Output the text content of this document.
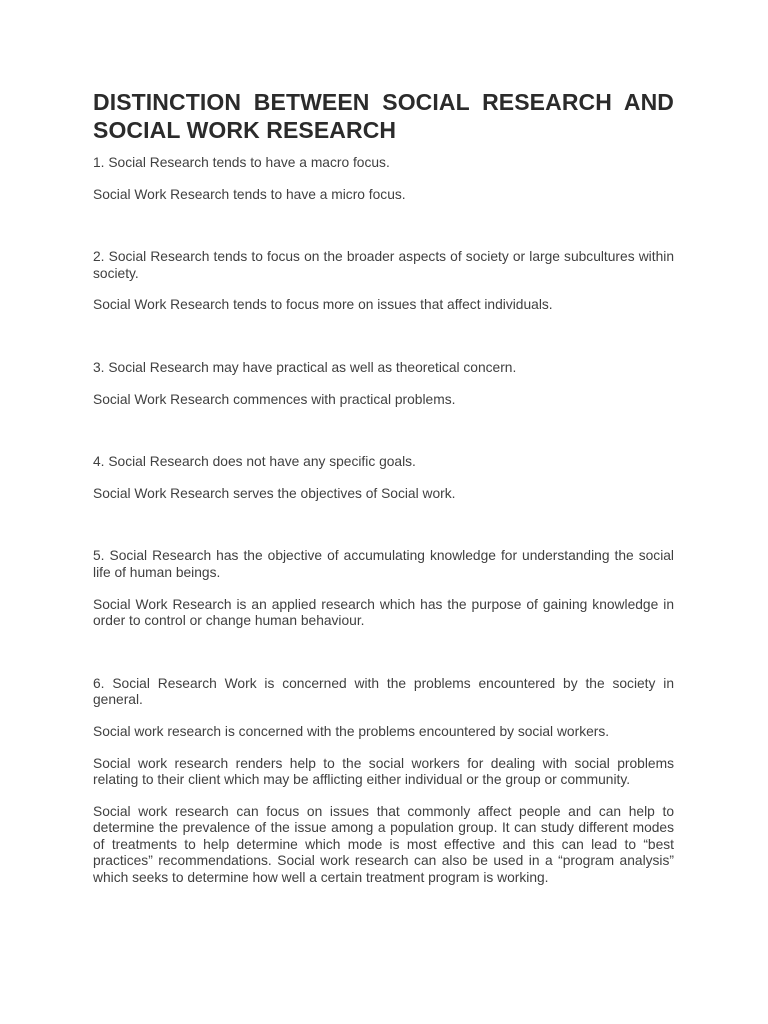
DISTINCTION BETWEEN SOCIAL RESEARCH AND SOCIAL WORK RESEARCH

1. Social Research tends to have a macro focus.

Social Work Research tends to have a micro focus.

2. Social Research tends to focus on the broader aspects of society or large subcultures within society.

Social Work Research tends to focus more on issues that affect individuals.

3. Social Research may have practical as well as theoretical concern.

Social Work Research commences with practical problems.

4. Social Research does not have any specific goals.

Social Work Research serves the objectives of Social work.

5. Social Research has the objective of accumulating knowledge for understanding the social life of human beings.

Social Work Research is an applied research which has the purpose of gaining knowledge in order to control or change human behaviour.

6. Social Research Work is concerned with the problems encountered by the society in general.

Social work research is concerned with the problems encountered by social workers.

Social work research renders help to the social workers for dealing with social problems relating to their client which may be afflicting either individual or the group or community.

Social work research can focus on issues that commonly affect people and can help to determine the prevalence of the issue among a population group. It can study different modes of treatments to help determine which mode is most effective and this can lead to “best practices” recommendations. Social work research can also be used in a “program analysis” which seeks to determine how well a certain treatment program is working.
